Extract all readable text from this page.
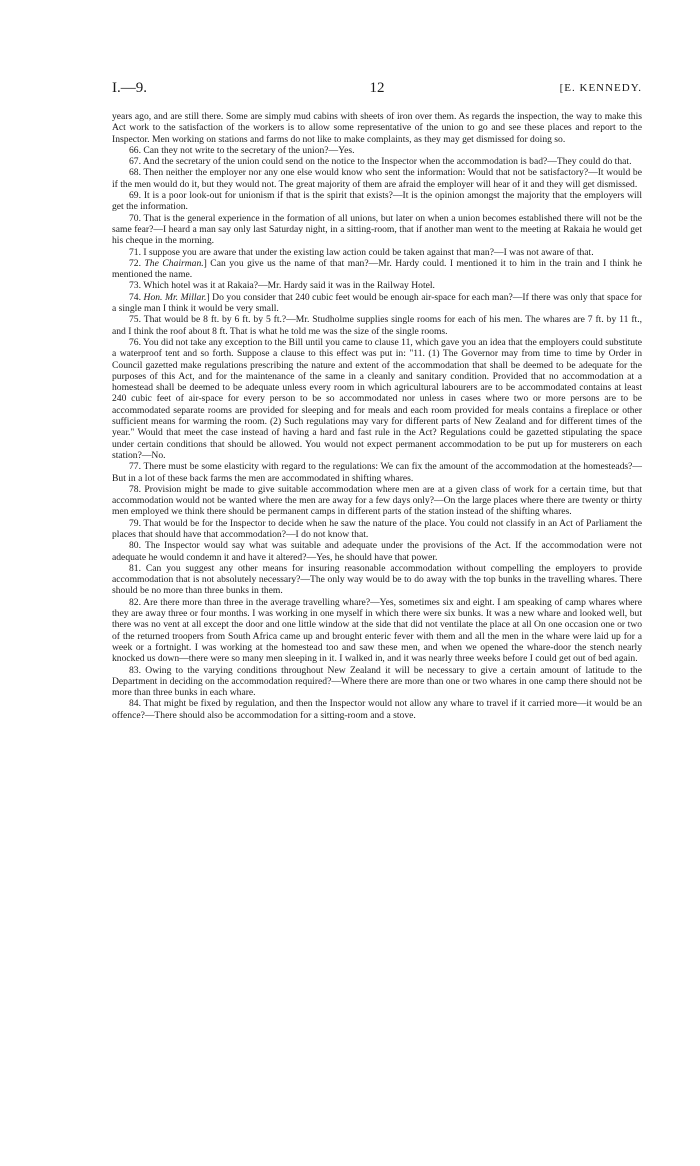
I.—9.	12	[E. KENNEDY.

years ago, and are still there. Some are simply mud cabins with sheets of iron over them. As regards the inspection, the way to make this Act work to the satisfaction of the workers is to allow some representative of the union to go and see these places and report to the Inspector. Men working on stations and farms do not like to make complaints, as they may get dismissed for doing so.

66. Can they not write to the secretary of the union?—Yes.

67. And the secretary of the union could send on the notice to the Inspector when the accommodation is bad?—They could do that.

68. Then neither the employer nor any one else would know who sent the information: Would that not be satisfactory?—It would be if the men would do it, but they would not. The great majority of them are afraid the employer will hear of it and they will get dismissed.

69. It is a poor look-out for unionism if that is the spirit that exists?—It is the opinion amongst the majority that the employers will get the information.

70. That is the general experience in the formation of all unions, but later on when a union becomes established there will not be the same fear?—I heard a man say only last Saturday night, in a sitting-room, that if another man went to the meeting at Rakaia he would get his cheque in the morning.

71. I suppose you are aware that under the existing law action could be taken against that man?—I was not aware of that.

72. The Chairman.] Can you give us the name of that man?—Mr. Hardy could. I mentioned it to him in the train and I think he mentioned the name.

73. Which hotel was it at Rakaia?—Mr. Hardy said it was in the Railway Hotel.

74. Hon. Mr. Millar.] Do you consider that 240 cubic feet would be enough air-space for each man?—If there was only that space for a single man I think it would be very small.

75. That would be 8 ft. by 6 ft. by 5 ft.?—Mr. Studholme supplies single rooms for each of his men. The whares are 7 ft. by 11 ft., and I think the roof about 8 ft. That is what he told me was the size of the single rooms.

76. You did not take any exception to the Bill until you came to clause 11, which gave you an idea that the employers could substitute a waterproof tent and so forth. Suppose a clause to this effect was put in: "11. (1) The Governor may from time to time by Order in Council gazetted make regulations prescribing the nature and extent of the accommodation that shall be deemed to be adequate for the purposes of this Act, and for the maintenance of the same in a cleanly and sanitary condition. Provided that no accommodation at a homestead shall be deemed to be adequate unless every room in which agricultural labourers are to be accommodated contains at least 240 cubic feet of air-space for every person to be so accommodated nor unless in cases where two or more persons are to be accommodated separate rooms are provided for sleeping and for meals and each room provided for meals contains a fireplace or other sufficient means for warming the room. (2) Such regulations may vary for different parts of New Zealand and for different times of the year." Would that meet the case instead of having a hard and fast rule in the Act? Regulations could be gazetted stipulating the space under certain conditions that should be allowed. You would not expect permanent accommodation to be put up for musterers on each station?—No.

77. There must be some elasticity with regard to the regulations: We can fix the amount of the accommodation at the homesteads?—But in a lot of these back farms the men are accommodated in shifting whares.

78. Provision might be made to give suitable accommodation where men are at a given class of work for a certain time, but that accommodation would not be wanted where the men are away for a few days only?—On the large places where there are twenty or thirty men employed we think there should be permanent camps in different parts of the station instead of the shifting whares.

79. That would be for the Inspector to decide when he saw the nature of the place. You could not classify in an Act of Parliament the places that should have that accommodation?—I do not know that.

80. The Inspector would say what was suitable and adequate under the provisions of the Act. If the accommodation were not adequate he would condemn it and have it altered?—Yes, he should have that power.

81. Can you suggest any other means for insuring reasonable accommodation without compelling the employers to provide accommodation that is not absolutely necessary?—The only way would be to do away with the top bunks in the travelling whares. There should be no more than three bunks in them.

82. Are there more than three in the average travelling whare?—Yes, sometimes six and eight. I am speaking of camp whares where they are away three or four months. I was working in one myself in which there were six bunks. It was a new whare and looked well, but there was no vent at all except the door and one little window at the side that did not ventilate the place at all On one occasion one or two of the returned troopers from South Africa came up and brought enteric fever with them and all the men in the whare were laid up for a week or a fortnight. I was working at the homestead too and saw these men, and when we opened the whare-door the stench nearly knocked us down—there were so many men sleeping in it. I walked in, and it was nearly three weeks before I could get out of bed again.

83. Owing to the varying conditions throughout New Zealand it will be necessary to give a certain amount of latitude to the Department in deciding on the accommodation required?—Where there are more than one or two whares in one camp there should not be more than three bunks in each whare.

84. That might be fixed by regulation, and then the Inspector would not allow any whare to travel if it carried more—it would be an offence?—There should also be accommodation for a sitting-room and a stove.
